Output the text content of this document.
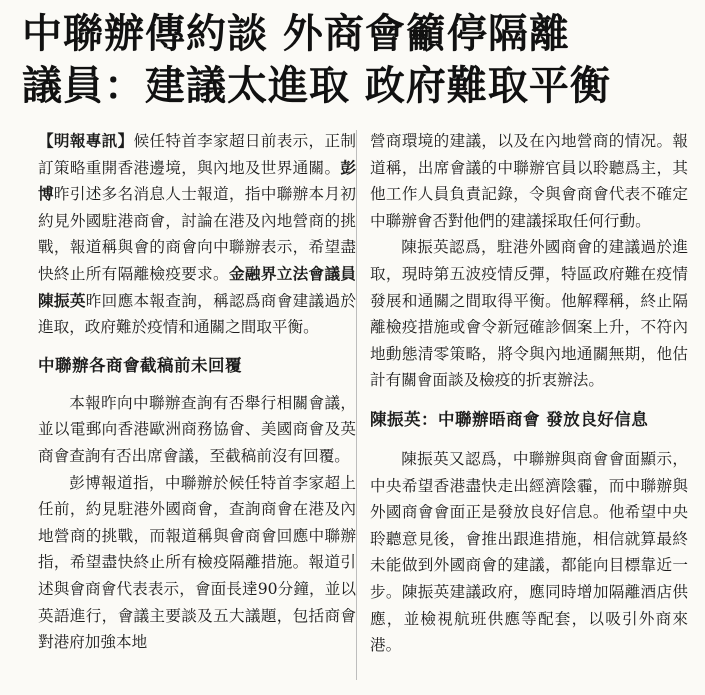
中聯辦傳約談 外商會籲停隔離
議員：建議太進取 政府難取平衡

【明報專訊】候任特首李家超日前表示，正制訂策略重開香港邊境，與內地及世界通關。彭博昨引述多名消息人士報道，指中聯辦本月初約見外國駐港商會，討論在港及內地營商的挑戰，報道稱與會的商會向中聯辦表示，希望盡快終止所有隔離檢疫要求。金融界立法會議員陳振英昨回應本報查詢，稱認爲商會建議過於進取，政府難於疫情和通關之間取平衡。

中聯辦各商會截稿前未回覆

本報昨向中聯辦查詢有否舉行相關會議，並以電郵向香港歐洲商務協會、美國商會及英商會查詢有否出席會議，至截稿前沒有回覆。

彭博報道指，中聯辦於候任特首李家超上任前，約見駐港外國商會，查詢商會在港及內地營商的挑戰，而報道稱與會商會回應中聯辦指，希望盡快終止所有檢疫隔離措施。報道引述與會商會代表表示，會面長達90分鐘，並以英語進行，會議主要談及五大議題，包括商會對港府加強本地

營商環境的建議，以及在內地營商的情况。報道稱，出席會議的中聯辦官員以聆聽爲主，其他工作人員負責記錄，令與會商會代表不確定中聯辦會否對他們的建議採取任何行動。

陳振英認爲，駐港外國商會的建議過於進取，現時第五波疫情反彈，特區政府難在疫情發展和通關之間取得平衡。他解釋稱，終止隔離檢疫措施或會令新冠確診個案上升，不符內地動態清零策略，將令與內地通關無期，他估計有關會面談及檢疫的折衷辦法。

陳振英：中聯辦晤商會 發放良好信息

陳振英又認爲，中聯辦與商會會面顯示，中央希望香港盡快走出經濟陰霾，而中聯辦與外國商會會面正是發放良好信息。他希望中央聆聽意見後，會推出跟進措施，相信就算最終未能做到外國商會的建議，都能向目標靠近一步。陳振英建議政府，應同時增加隔離酒店供應，並檢視航班供應等配套，以吸引外商來港。
